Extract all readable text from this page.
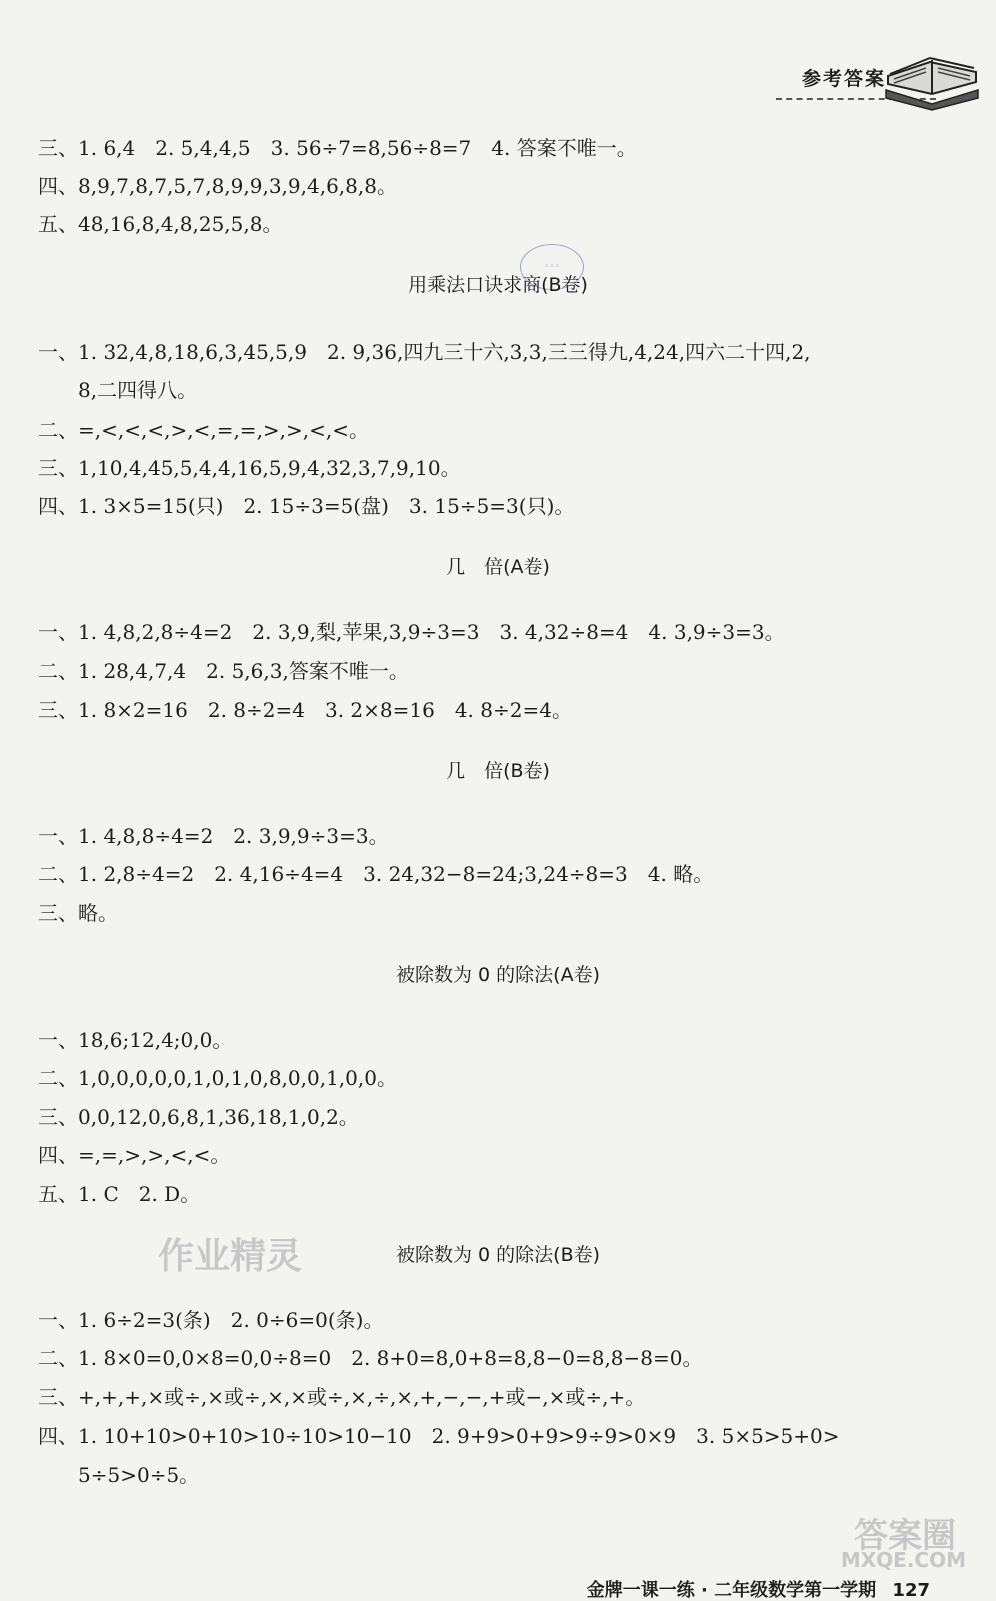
参考答案
◦◦◦
三、1. 6,4　2. 5,4,4,5　3. 56÷7=8,56÷8=7　4. 答案不唯一。
四、8,9,7,8,7,5,7,8,9,9,3,9,4,6,8,8。
五、48,16,8,4,8,25,5,8。
用乘法口诀求商(B卷)
一、1. 32,4,8,18,6,3,45,5,9　2. 9,36,四九三十六,3,3,三三得九,4,24,四六二十四,2,
8,二四得八。
二、=,<,<,<,>,<,=,=,>,>,<,<。
三、1,10,4,45,5,4,4,16,5,9,4,32,3,7,9,10。
四、1. 3×5=15(只)　2. 15÷3=5(盘)　3. 15÷5=3(只)。
几　倍(A卷)
一、1. 4,8,2,8÷4=2　2. 3,9,梨,苹果,3,9÷3=3　3. 4,32÷8=4　4. 3,9÷3=3。
二、1. 28,4,7,4　2. 5,6,3,答案不唯一。
三、1. 8×2=16　2. 8÷2=4　3. 2×8=16　4. 8÷2=4。
几　倍(B卷)
一、1. 4,8,8÷4=2　2. 3,9,9÷3=3。
二、1. 2,8÷4=2　2. 4,16÷4=4　3. 24,32−8=24;3,24÷8=3　4. 略。
三、略。
被除数为 0 的除法(A卷)
一、18,6;12,4;0,0。
二、1,0,0,0,0,0,1,0,1,0,8,0,0,1,0,0。
三、0,0,12,0,6,8,1,36,18,1,0,2。
四、=,=,>,>,<,<。
五、1. C　2. D。
作业精灵	被除数为 0 的除法(B卷)
一、1. 6÷2=3(条)　2. 0÷6=0(条)。
二、1. 8×0=0,0×8=0,0÷8=0　2. 8+0=8,0+8=8,8−0=8,8−8=0。
三、+,+,+,×或÷,×或÷,×,×或÷,×,÷,×,+,−,−,+或−,×或÷,+。
四、1. 10+10>0+10>10÷10>10−10　2. 9+9>0+9>9÷9>0×9　3. 5×5>5+0>
5÷5>0÷5。
答案圈
MXQE.COM
金牌一课一练 · 二年级数学第一学期 127
